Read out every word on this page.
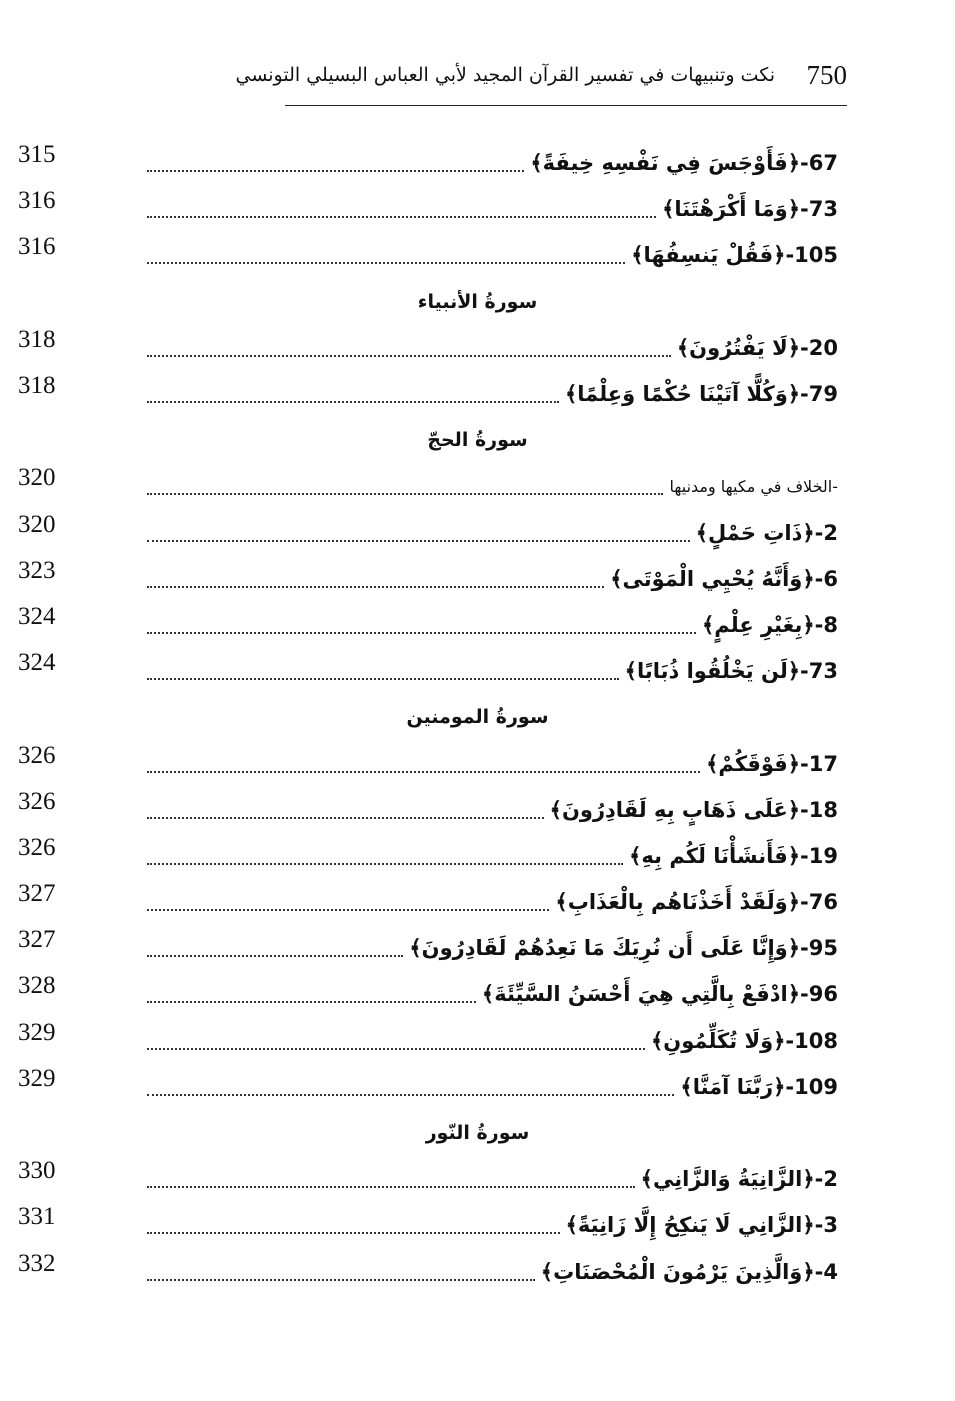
نكت وتنبيهات في تفسير القرآن المجيد لأبي العباس البسيلي التونسي 750
67-﴿فَأَوْجَسَ فِي نَفْسِهِ خِيفَةً﴾
315
73-﴿وَمَا أَكْرَهْتَنَا﴾
316
105-﴿فَقُلْ يَنسِفُهَا﴾
316
سورةُ الأنبياء
20-﴿لَا يَفْتُرُونَ﴾
318
79-﴿وَكُلًّا آتَيْنَا حُكْمًا وَعِلْمًا﴾
318
سورةُ الحجّ
-الخلاف في مكيها ومدنيها
320
2-﴿ذَاتِ حَمْلٍ﴾
320
6-﴿وَأَنَّهُ يُحْيِي الْمَوْتَى﴾
323
8-﴿بِغَيْرِ عِلْمٍ﴾
324
73-﴿لَن يَخْلُقُوا ذُبَابًا﴾
324
سورةُ المومنين
17-﴿فَوْقَكُمْ﴾
326
18-﴿عَلَى ذَهَابٍ بِهِ لَقَادِرُونَ﴾
326
19-﴿فَأَنشَأْنَا لَكُم بِهِ﴾
326
76-﴿وَلَقَدْ أَخَذْنَاهُم بِالْعَذَابِ﴾
327
95-﴿وَإِنَّا عَلَى أَن نُرِيَكَ مَا نَعِدُهُمْ لَقَادِرُونَ﴾
327
96-﴿ادْفَعْ بِالَّتِي هِيَ أَحْسَنُ السَّيِّئَةَ﴾
328
108-﴿وَلَا تُكَلِّمُونِ﴾
329
109-﴿رَبَّنَا آمَنَّا﴾
329
سورةُ النّور
2-﴿الزَّانِيَةُ وَالزَّانِي﴾
330
3-﴿الزَّانِي لَا يَنكِحُ إِلَّا زَانِيَةً﴾
331
4-﴿وَالَّذِينَ يَرْمُونَ الْمُحْصَنَاتِ﴾
332
